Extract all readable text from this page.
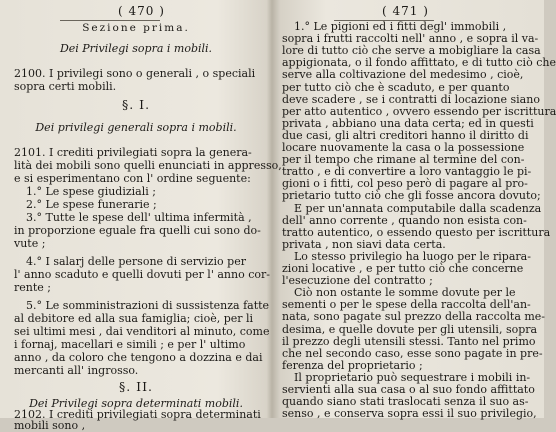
( 470 )
Sezione prima.
Dei Privilegi sopra i mobili.
2100. I privilegi sono o generali , o speciali
sopra certi mobili.
§. I.
Dei privilegi generali sopra i mobili.
2101. I crediti privilegiati sopra la genera-
lità dei mobili sono quelli enunciati in appresso,
e si esperimentano con l' ordine seguente:
1.° Le spese giudiziali ;
2.° Le spese funerarie ;
3.° Tutte le spese dell' ultima infermità ,
in proporzione eguale fra quelli cui sono do-
vute ;
4.° I salarj delle persone di servizio per
l' anno scaduto e quelli dovuti per l' anno cor-
rente ;
5.° Le somministrazioni di sussistenza fatte
al debitore ed alla sua famiglia; cioè, per li
sei ultimi mesi , dai venditori al minuto, come
i fornaj, macellari e simili ; e per l' ultimo
anno , da coloro che tengono a dozzina e dai
mercanti all' ingrosso.
§. II.
Dei Privilegi sopra determinati mobili.
2102. I crediti privilegiati sopra determinati
mobili sono ,
( 471 )
1.° Le pigioni ed i fitti degl' immobili ,
sopra i frutti raccolti nell' anno , e sopra il va-
lore di tutto ciò che serve a mobigliare la casa
appigionata, o il fondo affittato, e di tutto ciò che
serve alla coltivazione del medesimo , cioè,
per tutto ciò che è scaduto, e per quanto
deve scadere , se i contratti di locazione siano
per atto autentico , ovvero essendo per iscrittura
privata , abbiano una data certa; ed in questi
due casi, gli altri creditori hanno il diritto di
locare nuovamente la casa o la possessione
per il tempo che rimane al termine del con-
tratto , e di convertire a loro vantaggio le pi-
gioni o i fitti, col peso però di pagare al pro-
prietario tutto ciò che gli fosse ancora dovuto;
E per un'annata computabile dalla scadenza
dell' anno corrente , quando non esista con-
tratto autentico, o essendo questo per iscrittura
privata , non siavi data certa.
Lo stesso privilegio ha luogo per le ripara-
zioni locative , e per tutto ciò che concerne
l'esecuzione del contratto ;
Ciò non ostante le somme dovute per le
sementi o per le spese della raccolta dell'an-
nata, sono pagate sul prezzo della raccolta me-
desima, e quelle dovute per gli utensili, sopra
il prezzo degli utensili stessi. Tanto nel primo
che nel secondo caso, esse sono pagate in pre-
ferenza del proprietario ;
Il proprietario può sequestrare i mobili in-
servienti alla sua casa o al suo fondo affittato
quando siano stati traslocati senza il suo as-
senso , e conserva sopra essi il suo privilegio,
